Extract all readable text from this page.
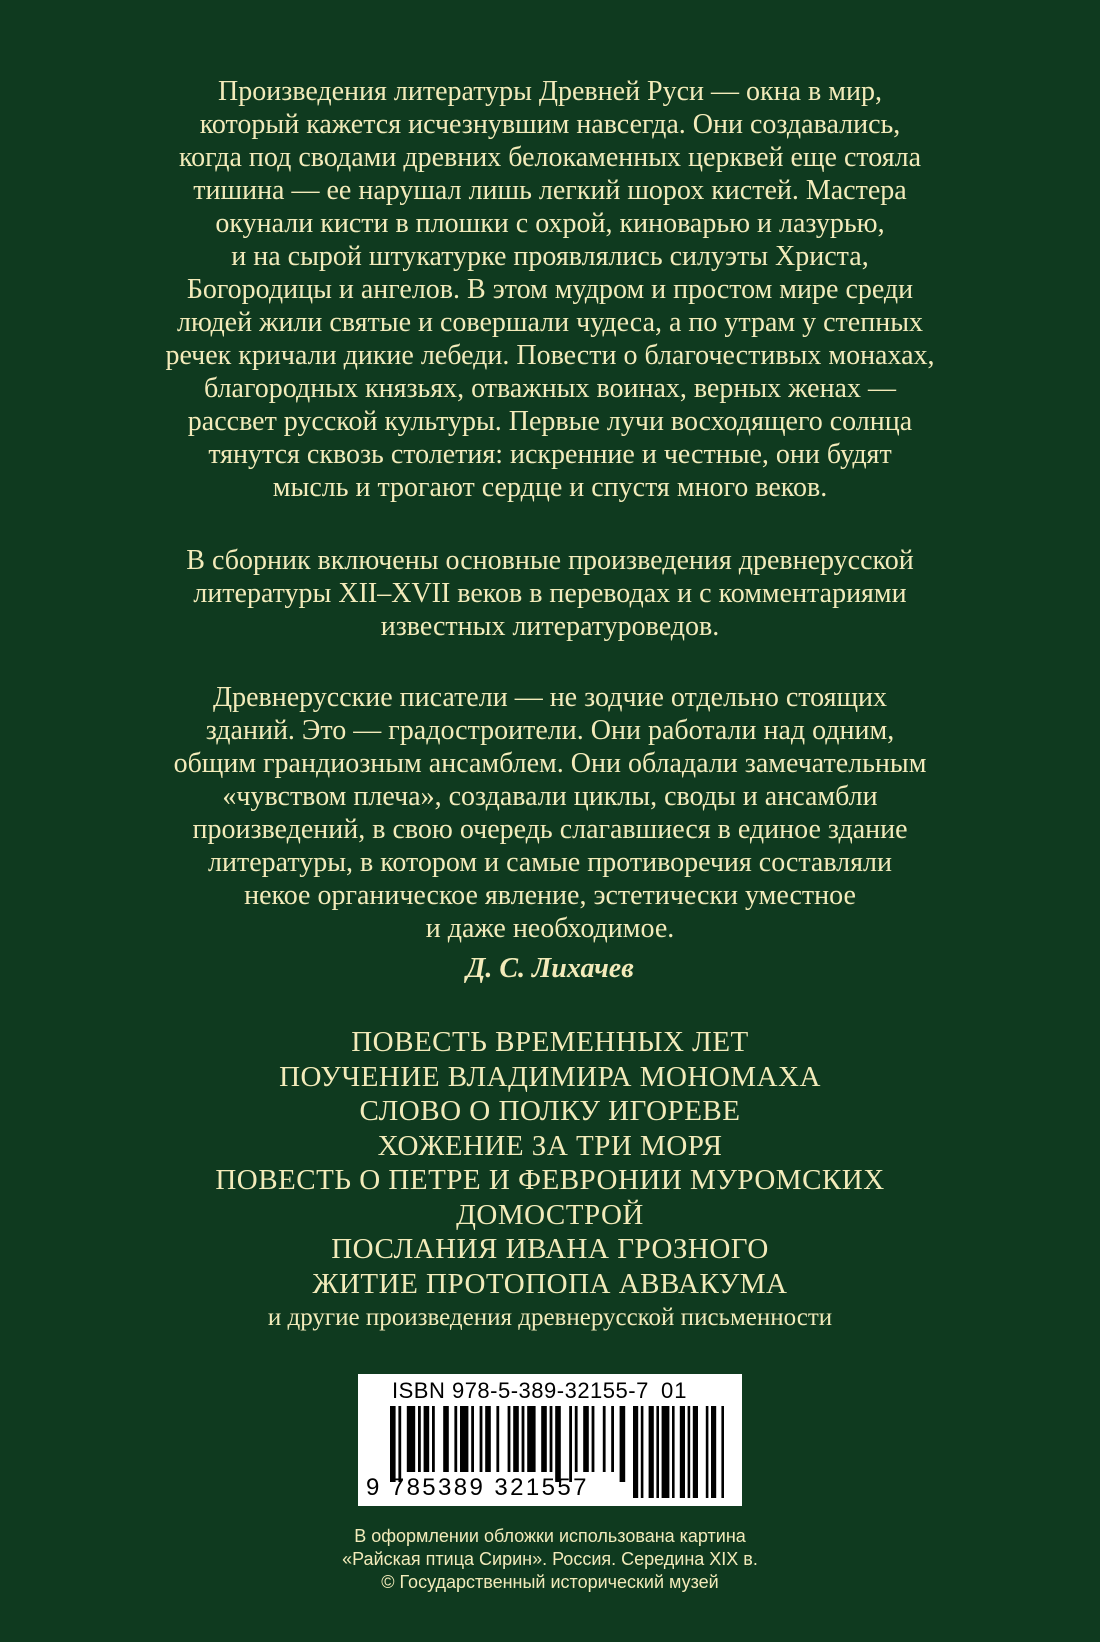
Произведения литературы Древней Руси — окна в мир,
который кажется исчезнувшим навсегда. Они создавались,
когда под сводами древних белокаменных церквей еще стояла
тишина — ее нарушал лишь легкий шорох кистей. Мастера
окунали кисти в плошки с охрой, киноварью и лазурью,
и на сырой штукатурке проявлялись силуэты Христа,
Богородицы и ангелов. В этом мудром и простом мире среди
людей жили святые и совершали чудеса, а по утрам у степных
речек кричали дикие лебеди. Повести о благочестивых монахах,
благородных князьях, отважных воинах, верных женах —
рассвет русской культуры. Первые лучи восходящего солнца
тянутся сквозь столетия: искренние и честные, они будят
мысль и трогают сердце и спустя много веков.
В сборник включены основные произведения древнерусской
литературы XII–XVII веков в переводах и с комментариями
известных литературоведов.
Древнерусские писатели — не зодчие отдельно стоящих
зданий. Это — градостроители. Они работали над одним,
общим грандиозным ансамблем. Они обладали замечательным
«чувством плеча», создавали циклы, своды и ансамбли
произведений, в свою очередь слагавшиеся в единое здание
литературы, в котором и самые противоречия составляли
некое органическое явление, эстетически уместное
и даже необходимое.
Д. С. Лихачев
ПОВЕСТЬ ВРЕМЕННЫХ ЛЕТ
ПОУЧЕНИЕ ВЛАДИМИРА МОНОМАХА
СЛОВО О ПОЛКУ ИГОРЕВЕ
ХОЖЕНИЕ ЗА ТРИ МОРЯ
ПОВЕСТЬ О ПЕТРЕ И ФЕВРОНИИ МУРОМСКИХ
ДОМОСТРОЙ
ПОСЛАНИЯ ИВАНА ГРОЗНОГО
ЖИТИЕ ПРОТОПОПА АВВАКУМА
и другие произведения древнерусской письменности
ISBN 978-5-389-32155-7 01
9 785389 321557
В оформлении обложки использована картина
«Райская птица Сирин». Россия. Середина XIX в.
© Государственный исторический музей
